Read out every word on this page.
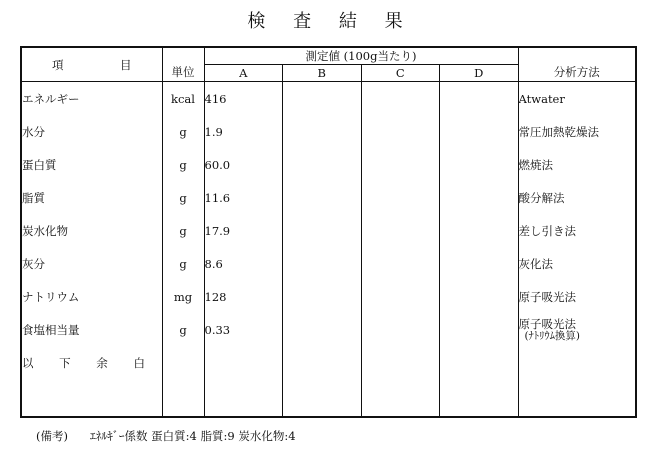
検 査 結 果
項 目	単位	測定値 (100g当たり)				分析方法
		A	B	C	D	
エネルギー	kcal	416				Atwater

水分	g	1.9				常圧加熱乾燥法

蛋白質	g	60.0				燃焼法

脂質	g	11.6				酸分解法

炭水化物	g	17.9				差し引き法

灰分	g	8.6				灰化法

ナトリウム	mg	128				原子吸光法

食塩相当量	g	0.33				原子吸光法
(ﾅﾄﾘｳﾑ換算)

以 下 余 白						

(備考) ｴﾈﾙｷﾞｰ係数 蛋白質:4 脂質:9 炭水化物:4
